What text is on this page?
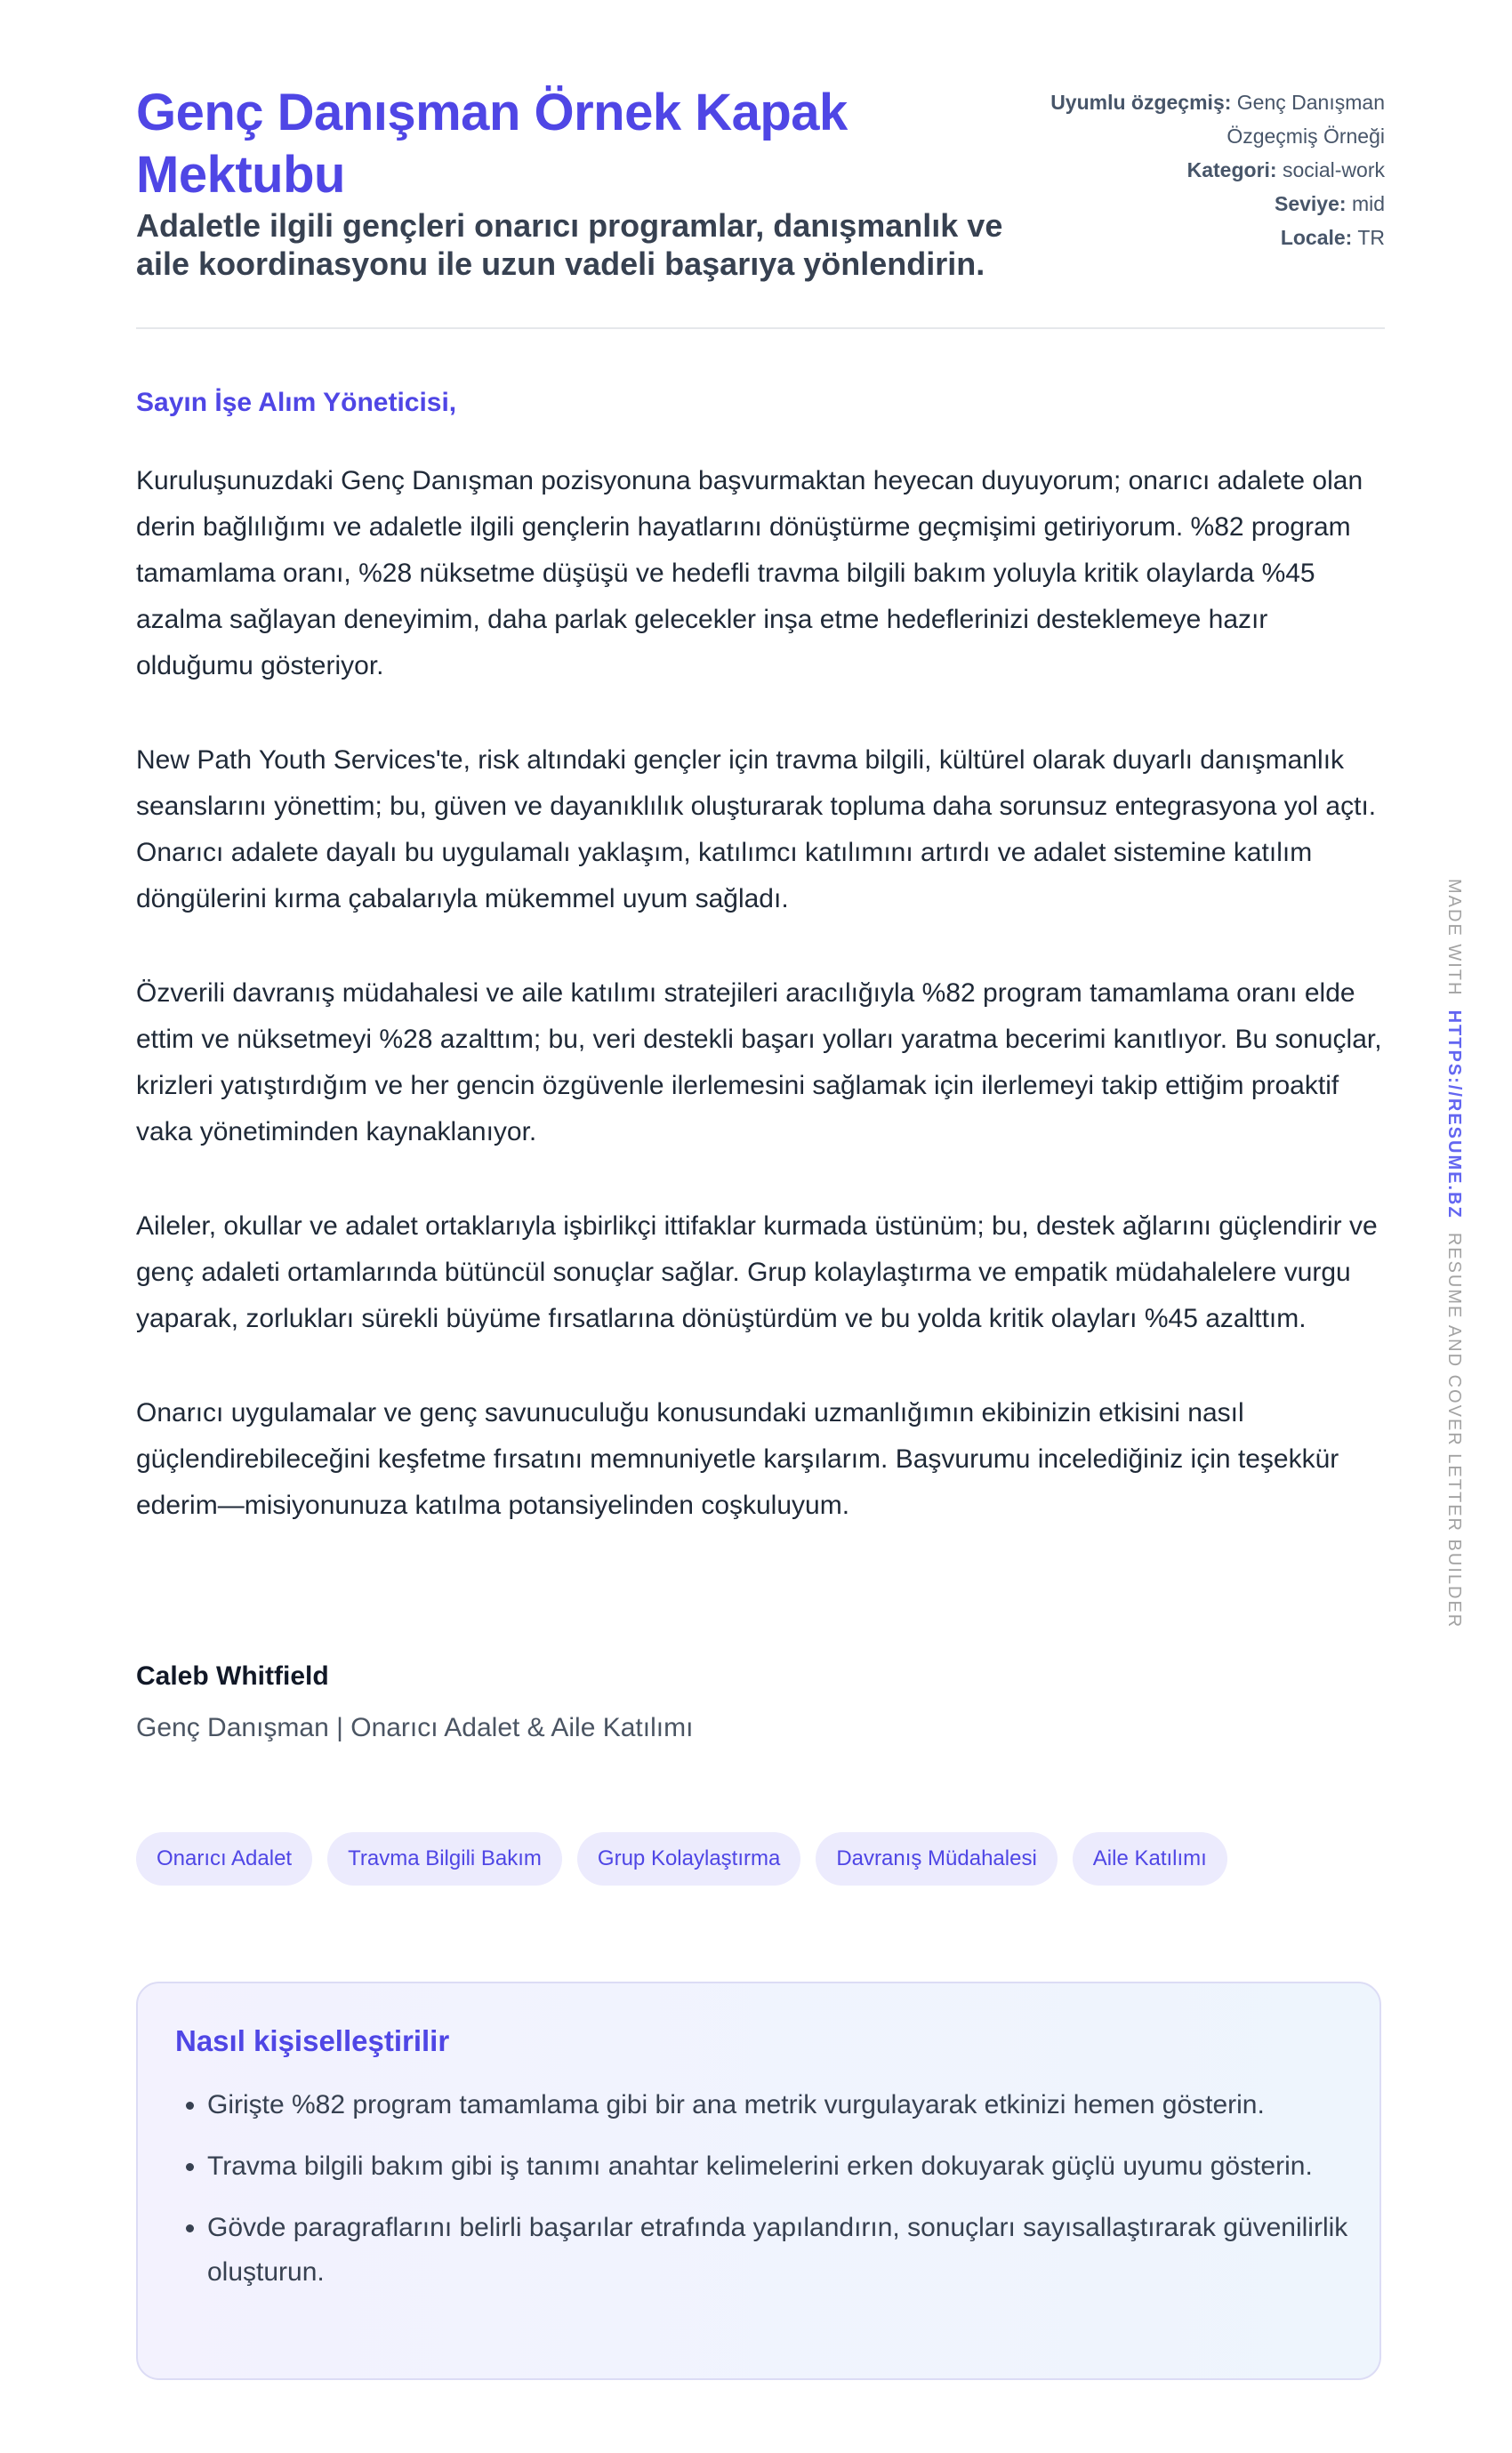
Genç Danışman Örnek Kapak Mektubu

Adaletle ilgili gençleri onarıcı programlar, danışmanlık ve aile koordinasyonu ile uzun vadeli başarıya yönlendirin.

Uyumlu özgeçmiş: Genç Danışman Özgeçmiş Örneği
Kategori: social-work
Seviye: mid
Locale: TR
Sayın İşe Alım Yöneticisi,

Kuruluşunuzdaki Genç Danışman pozisyonuna başvurmaktan heyecan duyuyorum; onarıcı adalete olan derin bağlılığımı ve adaletle ilgili gençlerin hayatlarını dönüştürme geçmişimi getiriyorum. %82 program tamamlama oranı, %28 nüksetme düşüşü ve hedefli travma bilgili bakım yoluyla kritik olaylarda %45 azalma sağlayan deneyimim, daha parlak gelecekler inşa etme hedeflerinizi desteklemeye hazır olduğumu gösteriyor.

New Path Youth Services'te, risk altındaki gençler için travma bilgili, kültürel olarak duyarlı danışmanlık seanslarını yönettim; bu, güven ve dayanıklılık oluşturarak topluma daha sorunsuz entegrasyona yol açtı. Onarıcı adalete dayalı bu uygulamalı yaklaşım, katılımcı katılımını artırdı ve adalet sistemine katılım döngülerini kırma çabalarıyla mükemmel uyum sağladı.

Özverili davranış müdahalesi ve aile katılımı stratejileri aracılığıyla %82 program tamamlama oranı elde ettim ve nüksetmeyi %28 azalttım; bu, veri destekli başarı yolları yaratma becerimi kanıtlıyor. Bu sonuçlar, krizleri yatıştırdığım ve her gencin özgüvenle ilerlemesini sağlamak için ilerlemeyi takip ettiğim proaktif vaka yönetiminden kaynaklanıyor.

Aileler, okullar ve adalet ortaklarıyla işbirlikçi ittifaklar kurmada üstünüm; bu, destek ağlarını güçlendirir ve genç adaleti ortamlarında bütüncül sonuçlar sağlar. Grup kolaylaştırma ve empatik müdahalelere vurgu yaparak, zorlukları sürekli büyüme fırsatlarına dönüştürdüm ve bu yolda kritik olayları %45 azalttım.

Onarıcı uygulamalar ve genç savunuculuğu konusundaki uzmanlığımın ekibinizin etkisini nasıl güçlendirebileceğini keşfetme fırsatını memnuniyetle karşılarım. Başvurumu incelediğiniz için teşekkür ederim—misiyonunuza katılma potansiyelinden coşkuluyum.

Caleb Whitfield
Genç Danışman | Onarıcı Adalet & Aile Katılımı
Onarıcı Adalet	Travma Bilgili Bakım	Grup Kolaylaştırma	Davranış Müdahalesi	Aile Katılımı
Nasıl kişiselleştirilir
• Girişte %82 program tamamlama gibi bir ana metrik vurgulayarak etkinizi hemen gösterin.
• Travma bilgili bakım gibi iş tanımı anahtar kelimelerini erken dokuyarak güçlü uyumu gösterin.
• Gövde paragraflarını belirli başarılar etrafında yapılandırın, sonuçları sayısallaştırarak güvenilirlik oluşturun.
MADE WITH  HTTPS://RESUME.BZ  RESUME AND COVER LETTER BUILDER
